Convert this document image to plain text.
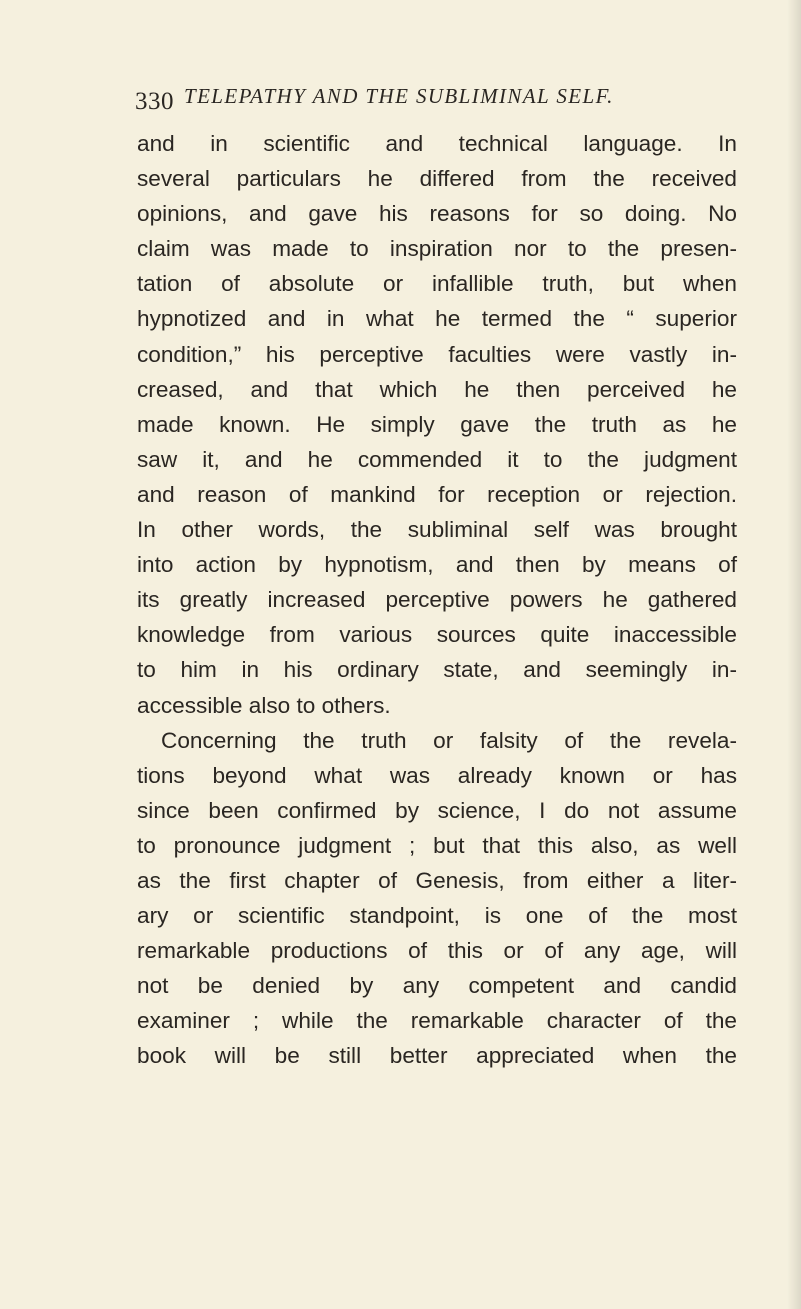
330 TELEPATHY AND THE SUBLIMINAL SELF.
and in scientific and technical language. In
several particulars he differed from the received
opinions, and gave his reasons for so doing. No
claim was made to inspiration nor to the presen-
tation of absolute or infallible truth, but when
hypnotized and in what he termed the “ superior
condition,” his perceptive faculties were vastly in-
creased, and that which he then perceived he
made known. He simply gave the truth as he
saw it, and he commended it to the judgment
and reason of mankind for reception or rejection.
In other words, the subliminal self was brought
into action by hypnotism, and then by means of
its greatly increased perceptive powers he gathered
knowledge from various sources quite inaccessible
to him in his ordinary state, and seemingly in-
accessible also to others.
Concerning the truth or falsity of the revela-
tions beyond what was already known or has
since been confirmed by science, I do not assume
to pronounce judgment ; but that this also, as well
as the first chapter of Genesis, from either a liter-
ary or scientific standpoint, is one of the most
remarkable productions of this or of any age, will
not be denied by any competent and candid
examiner ; while the remarkable character of the
book will be still better appreciated when the
